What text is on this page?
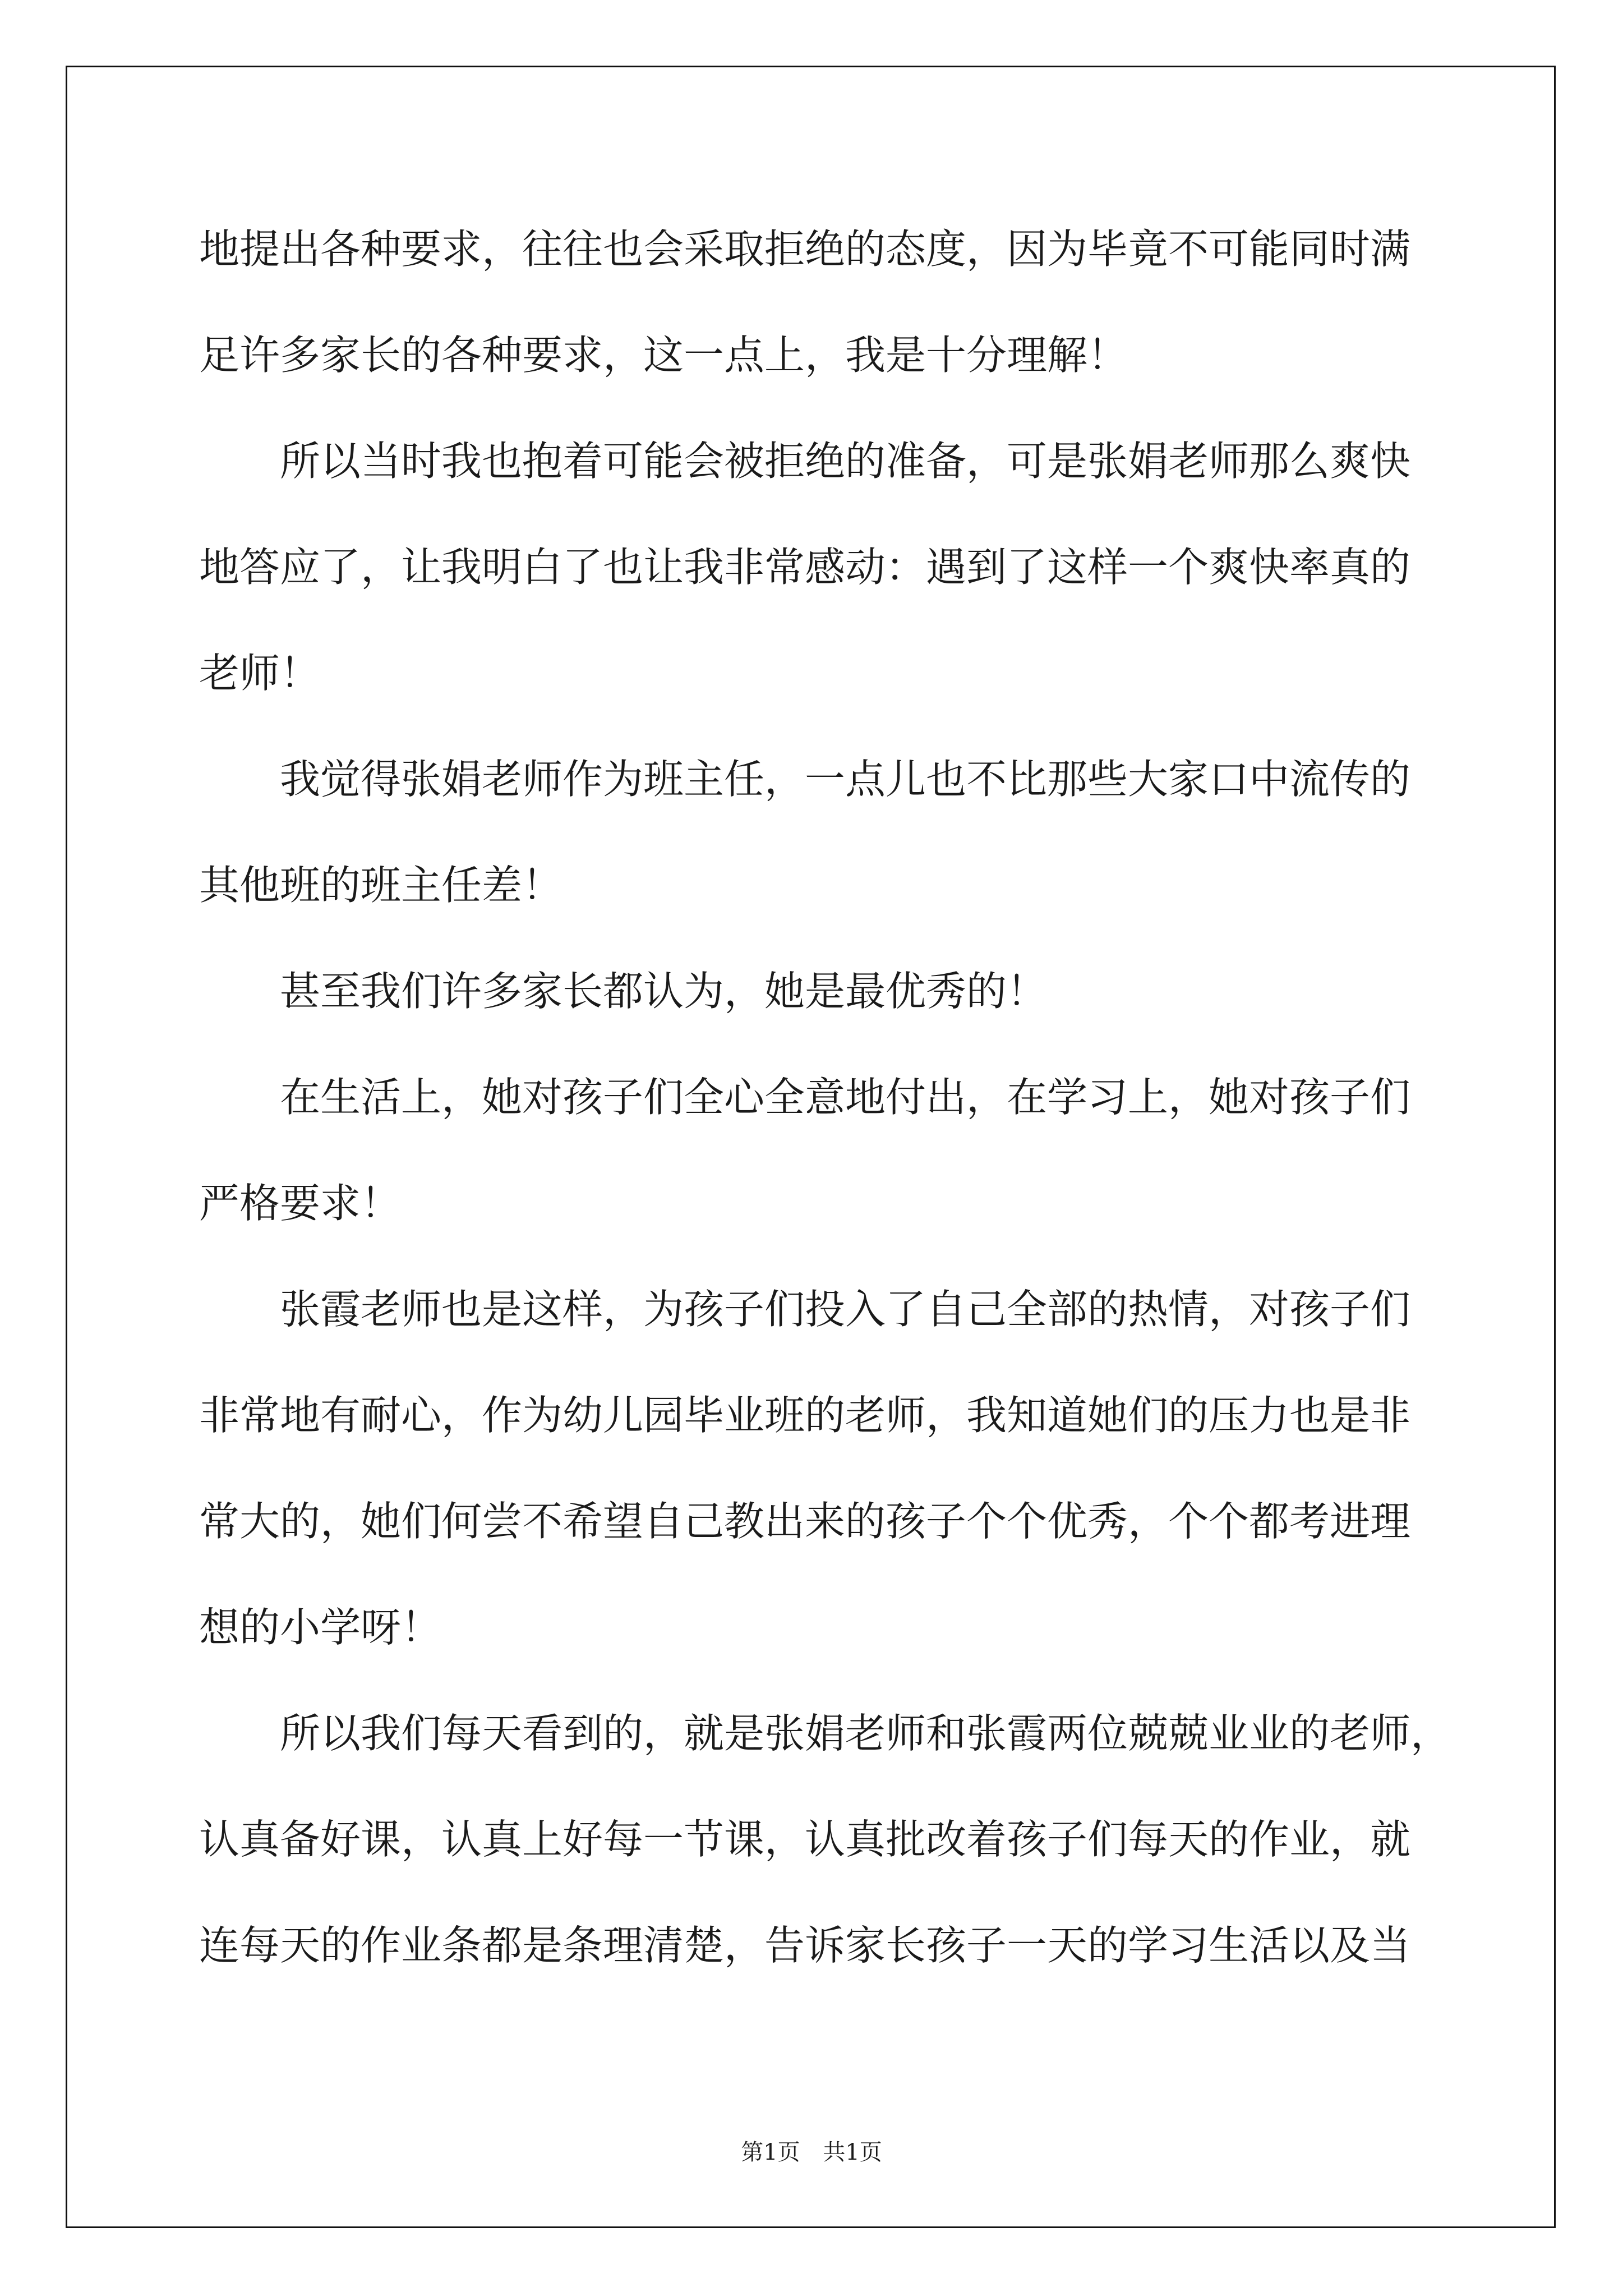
地提出各种要求，往往也会采取拒绝的态度，因为毕竟不可能同时满
足许多家长的各种要求，这一点上，我是十分理解！
　　所以当时我也抱着可能会被拒绝的准备，可是张娟老师那么爽快
地答应了，让我明白了也让我非常感动：遇到了这样一个爽快率真的
老师！
　　我觉得张娟老师作为班主任，一点儿也不比那些大家口中流传的
其他班的班主任差！
　　甚至我们许多家长都认为，她是最优秀的！
　　在生活上，她对孩子们全心全意地付出，在学习上，她对孩子们
严格要求！
　　张霞老师也是这样，为孩子们投入了自己全部的热情，对孩子们
非常地有耐心，作为幼儿园毕业班的老师，我知道她们的压力也是非
常大的，她们何尝不希望自己教出来的孩子个个优秀，个个都考进理
想的小学呀！
　　所以我们每天看到的，就是张娟老师和张霞两位兢兢业业的老师，
认真备好课，认真上好每一节课，认真批改着孩子们每天的作业，就
连每天的作业条都是条理清楚，告诉家长孩子一天的学习生活以及当
第1页 共1页
